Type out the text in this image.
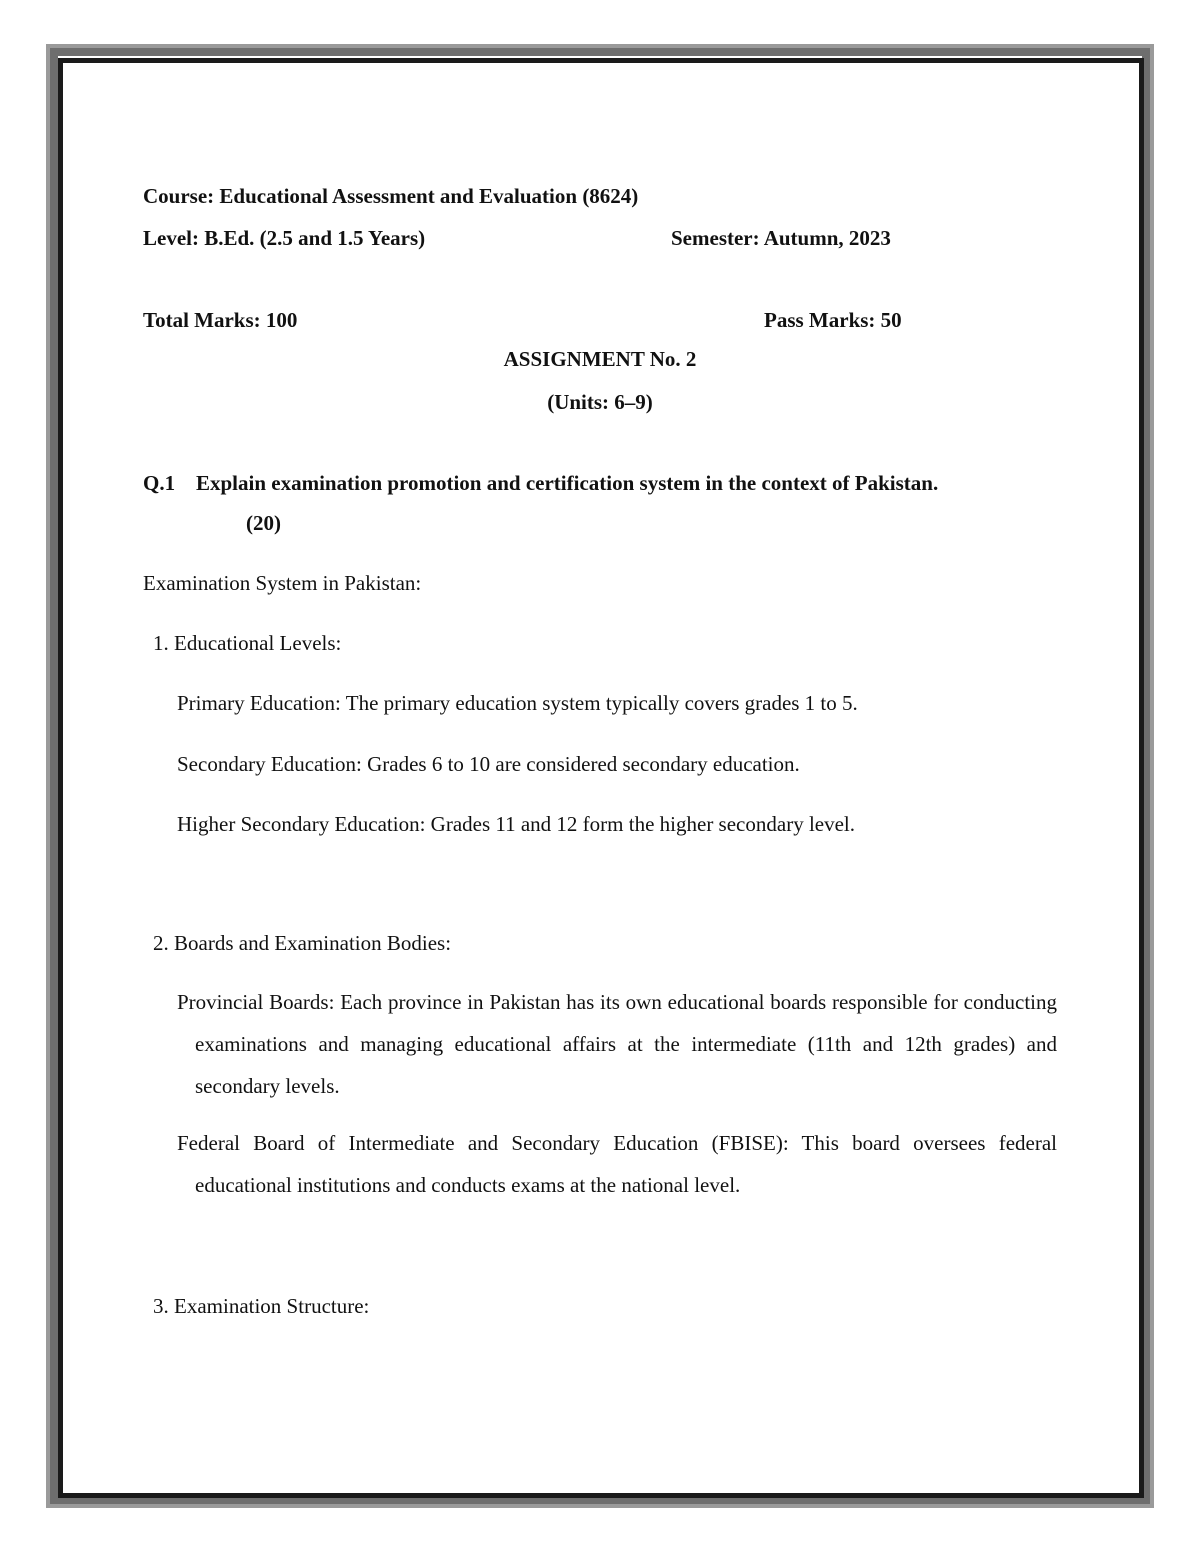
Course: Educational Assessment and Evaluation (8624)
Level: B.Ed. (2.5 and 1.5 Years)	Semester: Autumn, 2023
Total Marks: 100	Pass Marks: 50
ASSIGNMENT No. 2
(Units: 6–9)
Q.1 Explain examination promotion and certification system in the context of Pakistan.
(20)
Examination System in Pakistan:
1. Educational Levels:
Primary Education: The primary education system typically covers grades 1 to 5.
Secondary Education: Grades 6 to 10 are considered secondary education.
Higher Secondary Education: Grades 11 and 12 form the higher secondary level.
2. Boards and Examination Bodies:
Provincial Boards: Each province in Pakistan has its own educational boards responsible for conducting examinations and managing educational affairs at the intermediate (11th and 12th grades) and secondary levels.
Federal Board of Intermediate and Secondary Education (FBISE): This board oversees federal educational institutions and conducts exams at the national level.
3. Examination Structure:
